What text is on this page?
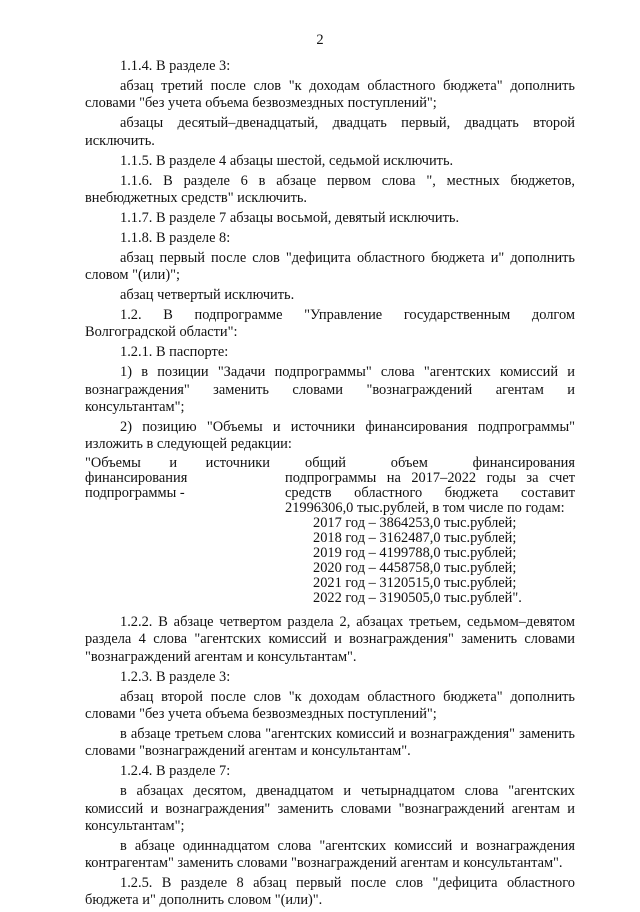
2

1.1.4. В разделе 3:

абзац третий после слов "к доходам областного бюджета" дополнить словами "без учета объема безвозмездных поступлений";

абзацы десятый–двенадцатый, двадцать первый, двадцать второй исключить.

1.1.5. В разделе 4 абзацы шестой, седьмой исключить.

1.1.6. В разделе 6 в абзаце первом слова ", местных бюджетов, внебюджетных средств" исключить.

1.1.7. В разделе 7 абзацы восьмой, девятый исключить.

1.1.8. В разделе 8:

абзац первый после слов "дефицита областного бюджета и" дополнить словом "(или)";

абзац четвертый исключить.

1.2. В подпрограмме "Управление государственным долгом Волгоградской области":

1.2.1. В паспорте:

1) в позиции "Задачи подпрограммы" слова "агентских комиссий и вознаграждения" заменить словами "вознаграждений агентам и консультантам";

2) позицию "Объемы и источники финансирования подпрограммы" изложить в следующей редакции:

"Объемы и источники финансирования подпрограммы -
общий объем финансирования подпрограммы на 2017–2022 годы за счет средств областного бюджета составит 21996306,0 тыс.рублей, в том числе по годам:
2017 год – 3864253,0 тыс.рублей;
2018 год – 3162487,0 тыс.рублей;
2019 год – 4199788,0 тыс.рублей;
2020 год – 4458758,0 тыс.рублей;
2021 год – 3120515,0 тыс.рублей;
2022 год – 3190505,0 тыс.рублей".

1.2.2. В абзаце четвертом раздела 2, абзацах третьем, седьмом–девятом раздела 4 слова "агентских комиссий и вознаграждения" заменить словами "вознаграждений агентам и консультантам".

1.2.3. В разделе 3:

абзац второй после слов "к доходам областного бюджета" дополнить словами "без учета объема безвозмездных поступлений";

в абзаце третьем слова "агентских комиссий и вознаграждения" заменить словами "вознаграждений агентам и консультантам".

1.2.4. В разделе 7:

в абзацах десятом, двенадцатом и четырнадцатом слова "агентских комиссий и вознаграждения" заменить словами "вознаграждений агентам и консультантам";

в абзаце одиннадцатом слова "агентских комиссий и вознаграждения контрагентам" заменить словами "вознаграждений агентам и консультантам".

1.2.5. В разделе 8 абзац первый после слов "дефицита областного бюджета и" дополнить словом "(или)".
